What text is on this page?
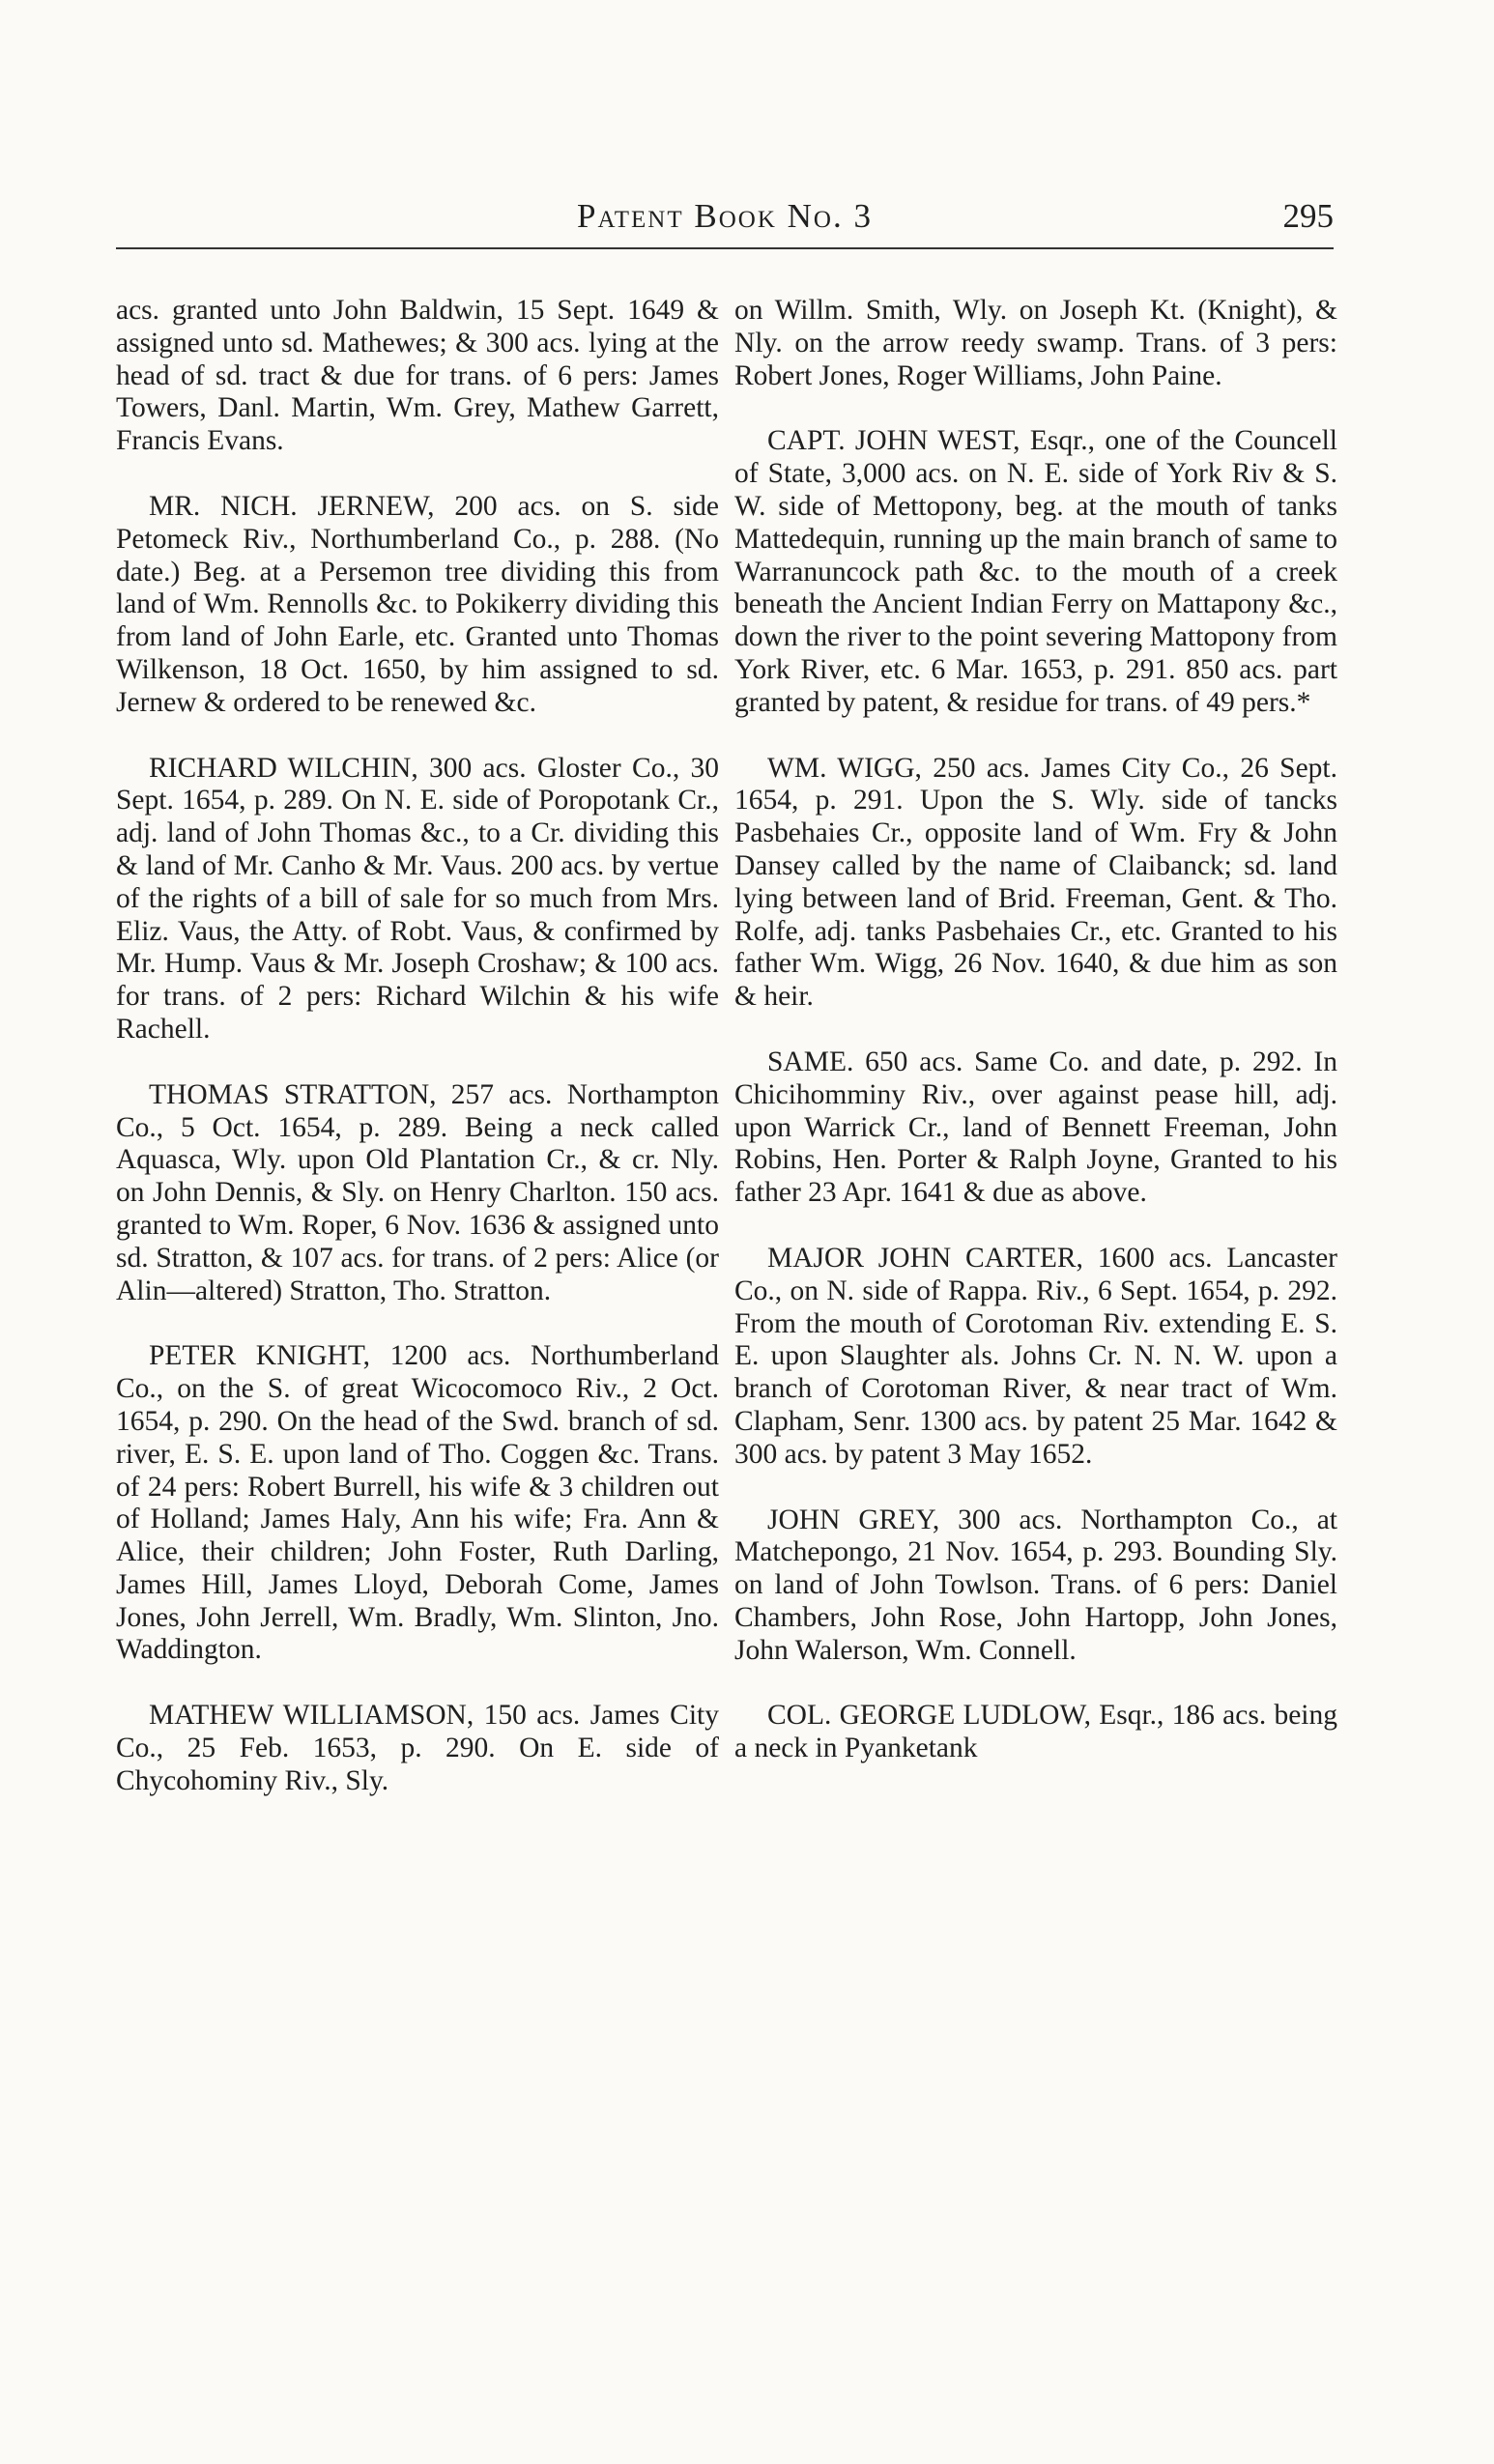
Patent Book No. 3	295

acs. granted unto John Baldwin, 15 Sept. 1649 & assigned unto sd. Mathewes; & 300 acs. lying at the head of sd. tract & due for trans. of 6 pers: James Towers, Danl. Martin, Wm. Grey, Mathew Garrett, Francis Evans.

MR. NICH. JERNEW, 200 acs. on S. side Petomeck Riv., Northumberland Co., p. 288. (No date.) Beg. at a Persemon tree dividing this from land of Wm. Rennolls &c. to Pokikerry dividing this from land of John Earle, etc. Granted unto Thomas Wilkenson, 18 Oct. 1650, by him assigned to sd. Jernew & ordered to be renewed &c.

RICHARD WILCHIN, 300 acs. Gloster Co., 30 Sept. 1654, p. 289. On N. E. side of Poropotank Cr., adj. land of John Thomas &c., to a Cr. dividing this & land of Mr. Canho & Mr. Vaus. 200 acs. by vertue of the rights of a bill of sale for so much from Mrs. Eliz. Vaus, the Atty. of Robt. Vaus, & confirmed by Mr. Hump. Vaus & Mr. Joseph Croshaw; & 100 acs. for trans. of 2 pers: Richard Wilchin & his wife Rachell.

THOMAS STRATTON, 257 acs. Northampton Co., 5 Oct. 1654, p. 289. Being a neck called Aquasca, Wly. upon Old Plantation Cr., & cr. Nly. on John Dennis, & Sly. on Henry Charlton. 150 acs. granted to Wm. Roper, 6 Nov. 1636 & assigned unto sd. Stratton, & 107 acs. for trans. of 2 pers: Alice (or Alin—altered) Stratton, Tho. Stratton.

PETER KNIGHT, 1200 acs. Northumberland Co., on the S. of great Wicocomoco Riv., 2 Oct. 1654, p. 290. On the head of the Swd. branch of sd. river, E. S. E. upon land of Tho. Coggen &c. Trans. of 24 pers: Robert Burrell, his wife & 3 children out of Holland; James Haly, Ann his wife; Fra. Ann & Alice, their children; John Foster, Ruth Darling, James Hill, James Lloyd, Deborah Come, James Jones, John Jerrell, Wm. Bradly, Wm. Slinton, Jno. Waddington.

MATHEW WILLIAMSON, 150 acs. James City Co., 25 Feb. 1653, p. 290. On E. side of Chycohominy Riv., Sly.

on Willm. Smith, Wly. on Joseph Kt. (Knight), & Nly. on the arrow reedy swamp. Trans. of 3 pers: Robert Jones, Roger Williams, John Paine.

CAPT. JOHN WEST, Esqr., one of the Councell of State, 3,000 acs. on N. E. side of York Riv & S. W. side of Mettopony, beg. at the mouth of tanks Mattedequin, running up the main branch of same to Warranuncock path &c. to the mouth of a creek beneath the Ancient Indian Ferry on Mattapony &c., down the river to the point severing Mattopony from York River, etc. 6 Mar. 1653, p. 291. 850 acs. part granted by patent, & residue for trans. of 49 pers.*

WM. WIGG, 250 acs. James City Co., 26 Sept. 1654, p. 291. Upon the S. Wly. side of tancks Pasbehaies Cr., opposite land of Wm. Fry & John Dansey called by the name of Claibanck; sd. land lying between land of Brid. Freeman, Gent. & Tho. Rolfe, adj. tanks Pasbehaies Cr., etc. Granted to his father Wm. Wigg, 26 Nov. 1640, & due him as son & heir.

SAME. 650 acs. Same Co. and date, p. 292. In Chicihomminy Riv., over against pease hill, adj. upon Warrick Cr., land of Bennett Freeman, John Robins, Hen. Porter & Ralph Joyne, Granted to his father 23 Apr. 1641 & due as above.

MAJOR JOHN CARTER, 1600 acs. Lancaster Co., on N. side of Rappa. Riv., 6 Sept. 1654, p. 292. From the mouth of Corotoman Riv. extending E. S. E. upon Slaughter als. Johns Cr. N. N. W. upon a branch of Corotoman River, & near tract of Wm. Clapham, Senr. 1300 acs. by patent 25 Mar. 1642 & 300 acs. by patent 3 May 1652.

JOHN GREY, 300 acs. Northampton Co., at Matchepongo, 21 Nov. 1654, p. 293. Bounding Sly. on land of John Towlson. Trans. of 6 pers: Daniel Chambers, John Rose, John Hartopp, John Jones, John Walerson, Wm. Connell.

COL. GEORGE LUDLOW, Esqr., 186 acs. being a neck in Pyanketank
